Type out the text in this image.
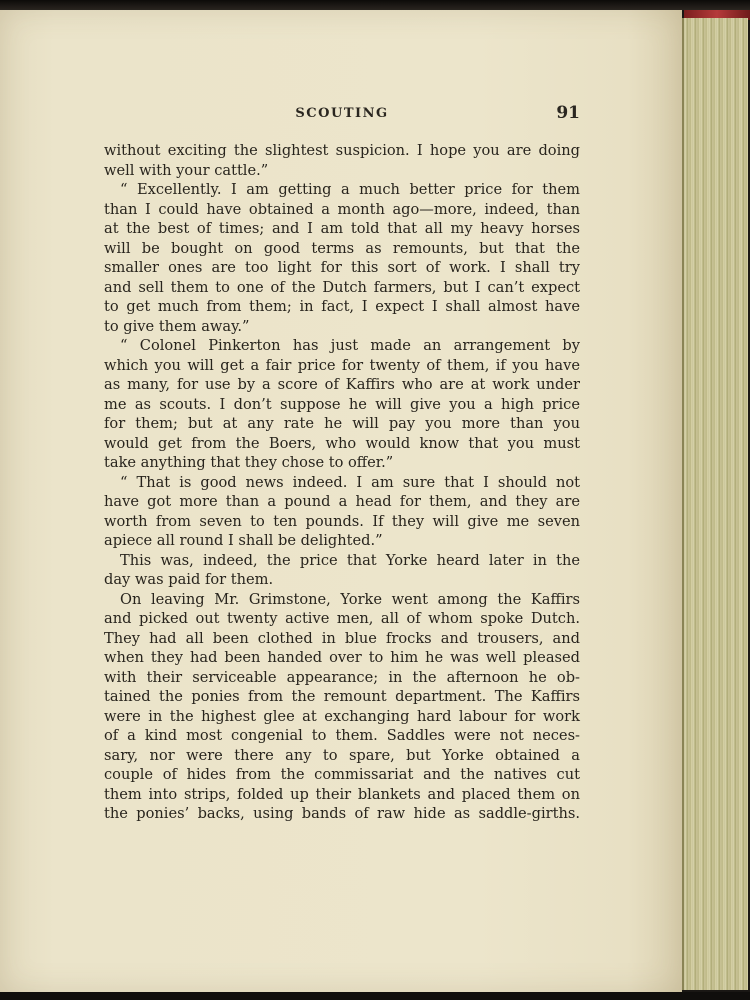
SCOUTING	91
without exciting the slightest suspicion. I hope you are doing
well with your cattle.”
“ Excellently. I am getting a much better price for them
than I could have obtained a month ago—more, indeed, than
at the best of times; and I am told that all my heavy horses
will be bought on good terms as remounts, but that the
smaller ones are too light for this sort of work. I shall try
and sell them to one of the Dutch farmers, but I can’t expect
to get much from them; in fact, I expect I shall almost have
to give them away.”
“ Colonel Pinkerton has just made an arrangement by
which you will get a fair price for twenty of them, if you have
as many, for use by a score of Kaffirs who are at work under
me as scouts. I don’t suppose he will give you a high price
for them; but at any rate he will pay you more than you
would get from the Boers, who would know that you must
take anything that they chose to offer.”
“ That is good news indeed. I am sure that I should not
have got more than a pound a head for them, and they are
worth from seven to ten pounds. If they will give me seven
apiece all round I shall be delighted.”
This was, indeed, the price that Yorke heard later in the
day was paid for them.
On leaving Mr. Grimstone, Yorke went among the Kaffirs
and picked out twenty active men, all of whom spoke Dutch.
They had all been clothed in blue frocks and trousers, and
when they had been handed over to him he was well pleased
with their serviceable appearance; in the afternoon he ob-
tained the ponies from the remount department. The Kaffirs
were in the highest glee at exchanging hard labour for work
of a kind most congenial to them. Saddles were not neces-
sary, nor were there any to spare, but Yorke obtained a
couple of hides from the commissariat and the natives cut
them into strips, folded up their blankets and placed them on
the ponies’ backs, using bands of raw hide as saddle-girths.
